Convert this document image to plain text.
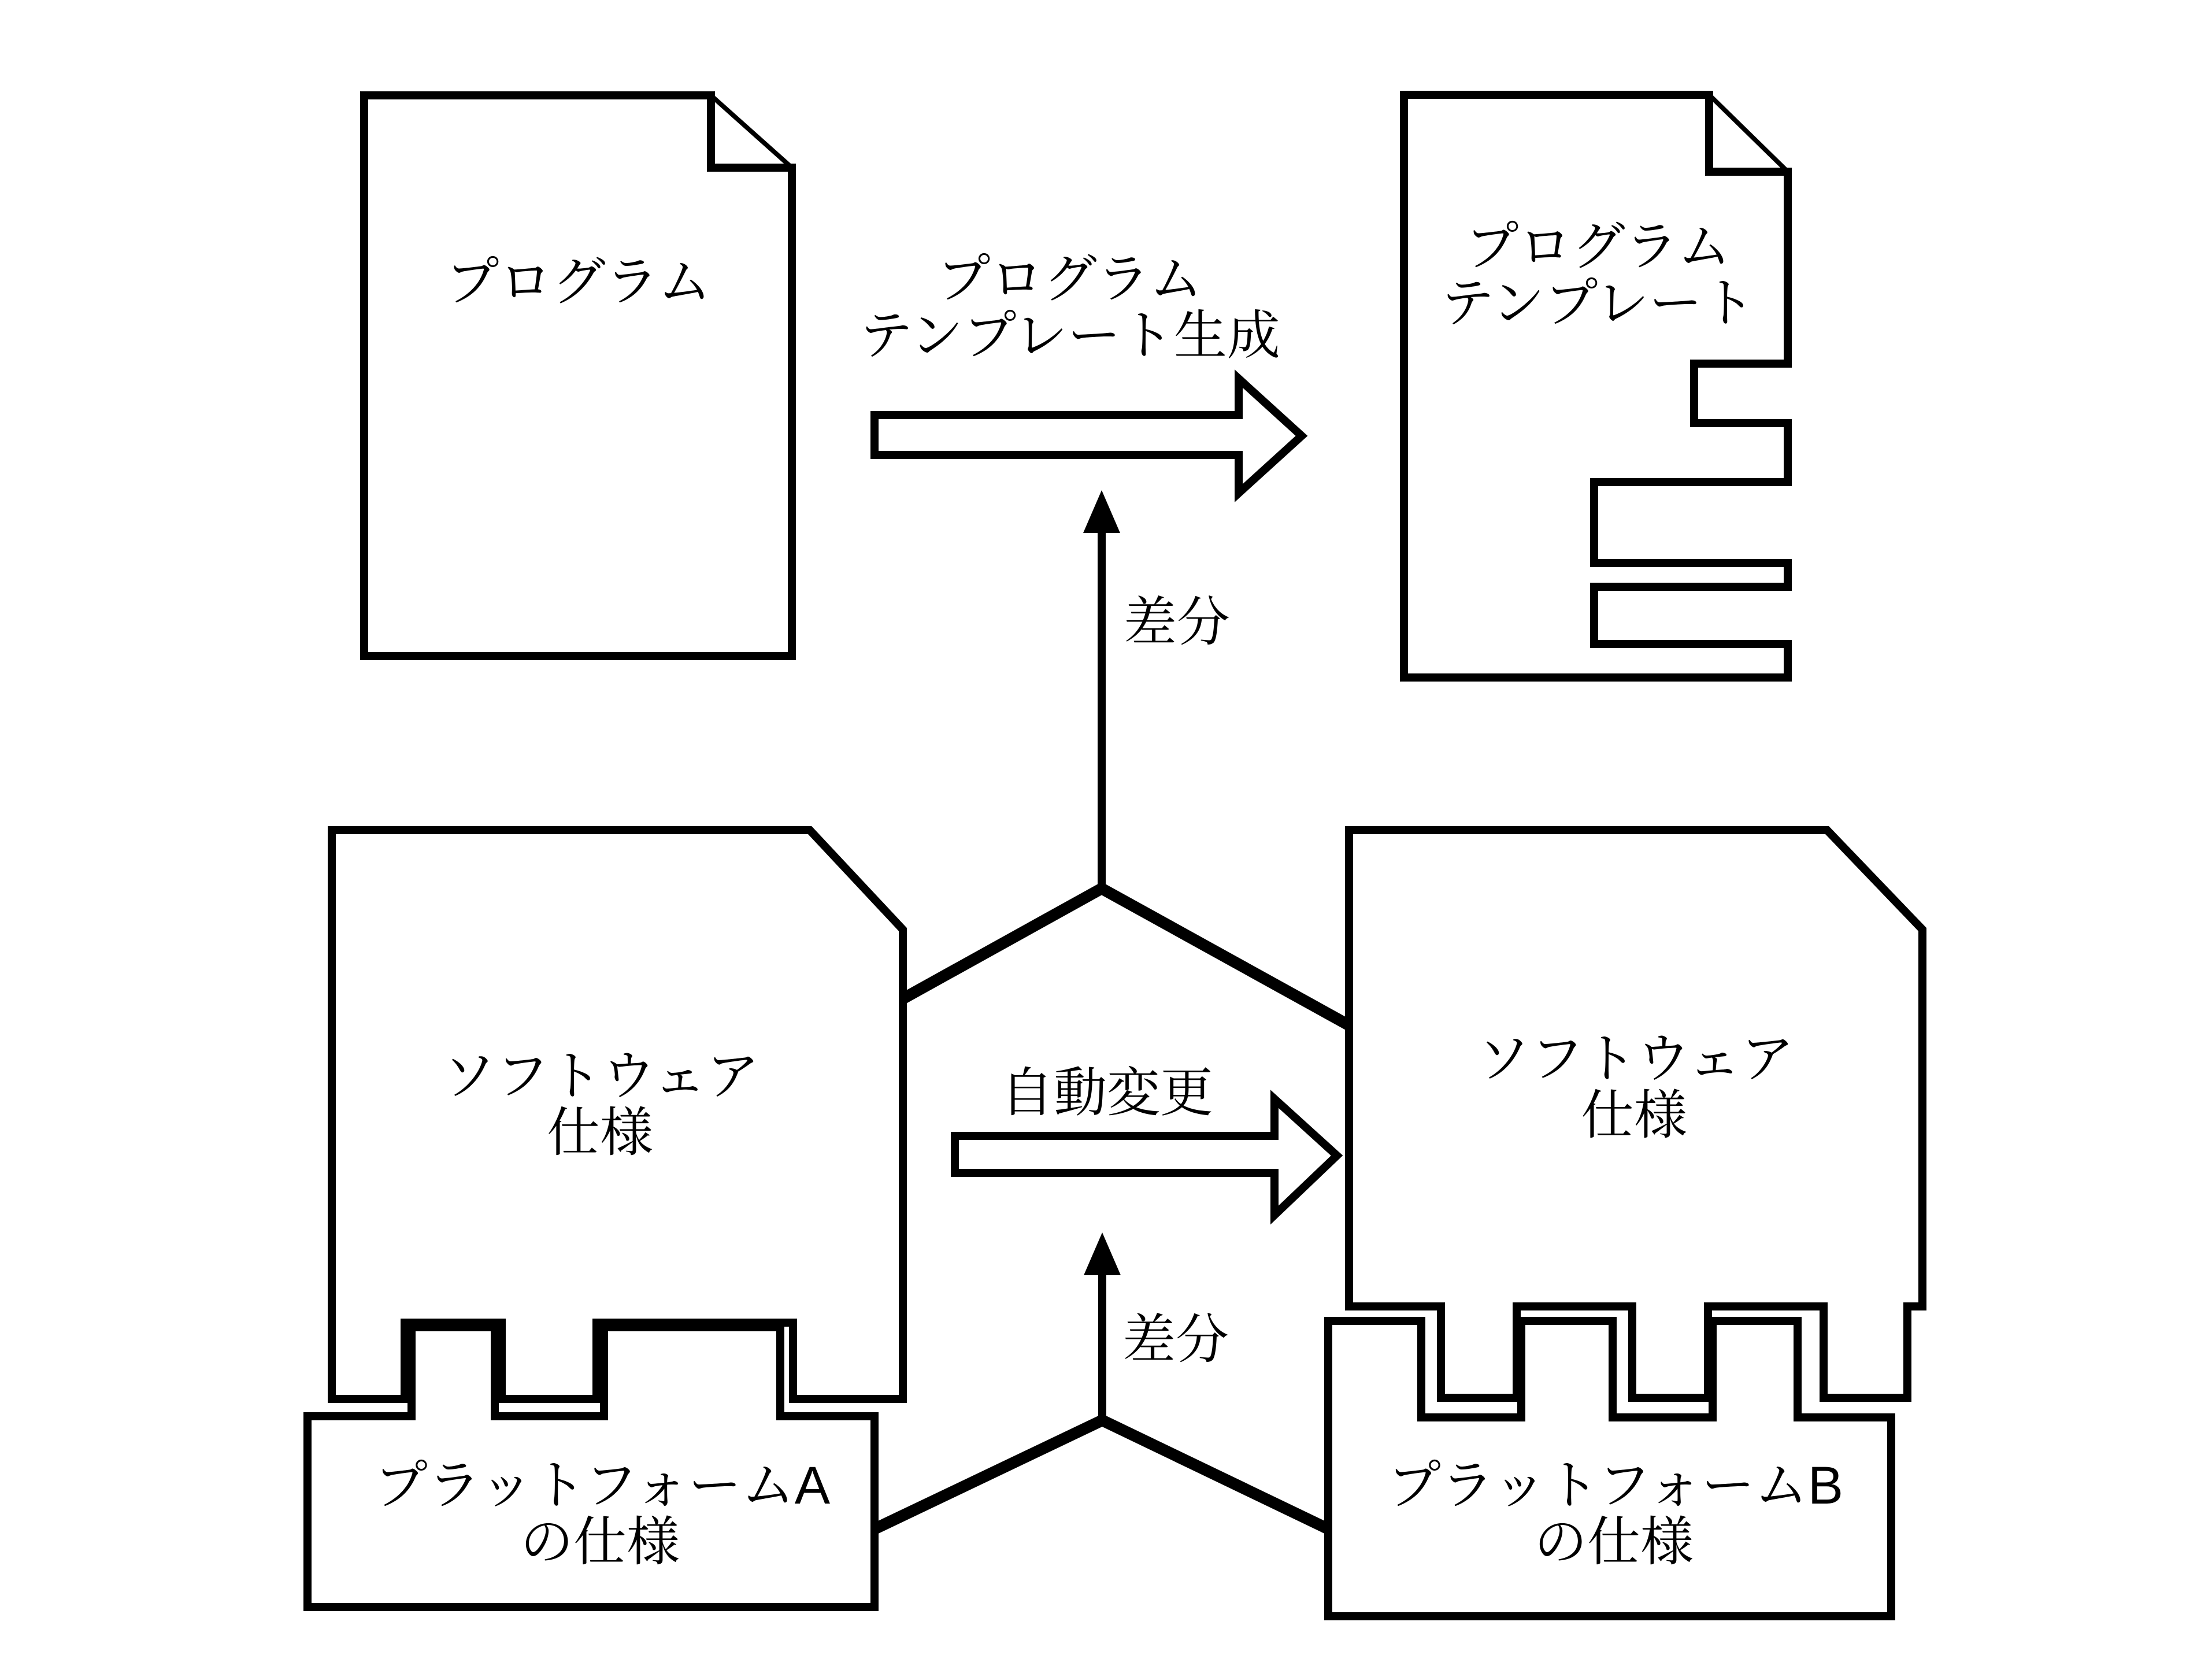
プログラム	プログラム
テンプレート生成
プログラム
テンプレート
差分
ソフトウェア
仕様
自動変更
ソフトウェア
仕様
差分
プラットフォームA
の仕様
プラットフォームB
の仕様
